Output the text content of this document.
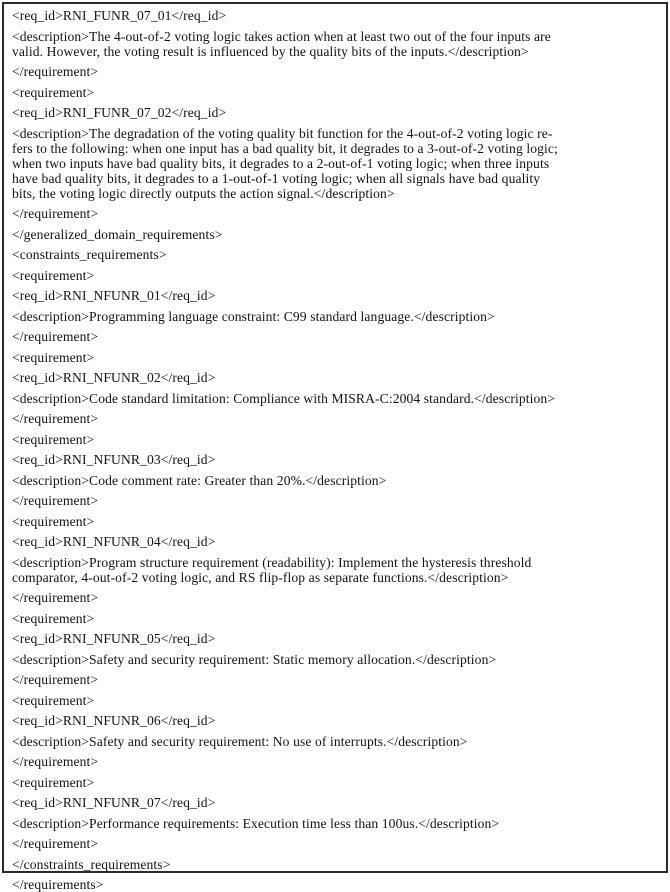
<req_id>RNI_FUNR_07_01</req_id>
<description>The 4-out-of-2 voting logic takes action when at least two out of the four inputs are
valid. However, the voting result is influenced by the quality bits of the inputs.</description>
</requirement>
<requirement>
<req_id>RNI_FUNR_07_02</req_id>
<description>The degradation of the voting quality bit function for the 4-out-of-2 voting logic re-
fers to the following: when one input has a bad quality bit, it degrades to a 3-out-of-2 voting logic;
when two inputs have bad quality bits, it degrades to a 2-out-of-1 voting logic; when three inputs
have bad quality bits, it degrades to a 1-out-of-1 voting logic; when all signals have bad quality
bits, the voting logic directly outputs the action signal.</description>
</requirement>
</generalized_domain_requirements>
<constraints_requirements>
<requirement>
<req_id>RNI_NFUNR_01</req_id>
<description>Programming language constraint: C99 standard language.</description>
</requirement>
<requirement>
<req_id>RNI_NFUNR_02</req_id>
<description>Code standard limitation: Compliance with MISRA-C:2004 standard.</description>
</requirement>
<requirement>
<req_id>RNI_NFUNR_03</req_id>
<description>Code comment rate: Greater than 20%.</description>
</requirement>
<requirement>
<req_id>RNI_NFUNR_04</req_id>
<description>Program structure requirement (readability): Implement the hysteresis threshold
comparator, 4-out-of-2 voting logic, and RS flip-flop as separate functions.</description>
</requirement>
<requirement>
<req_id>RNI_NFUNR_05</req_id>
<description>Safety and security requirement: Static memory allocation.</description>
</requirement>
<requirement>
<req_id>RNI_NFUNR_06</req_id>
<description>Safety and security requirement: No use of interrupts.</description>
</requirement>
<requirement>
<req_id>RNI_NFUNR_07</req_id>
<description>Performance requirements: Execution time less than 100us.</description>
</requirement>
</constraints_requirements>
</requirements>
